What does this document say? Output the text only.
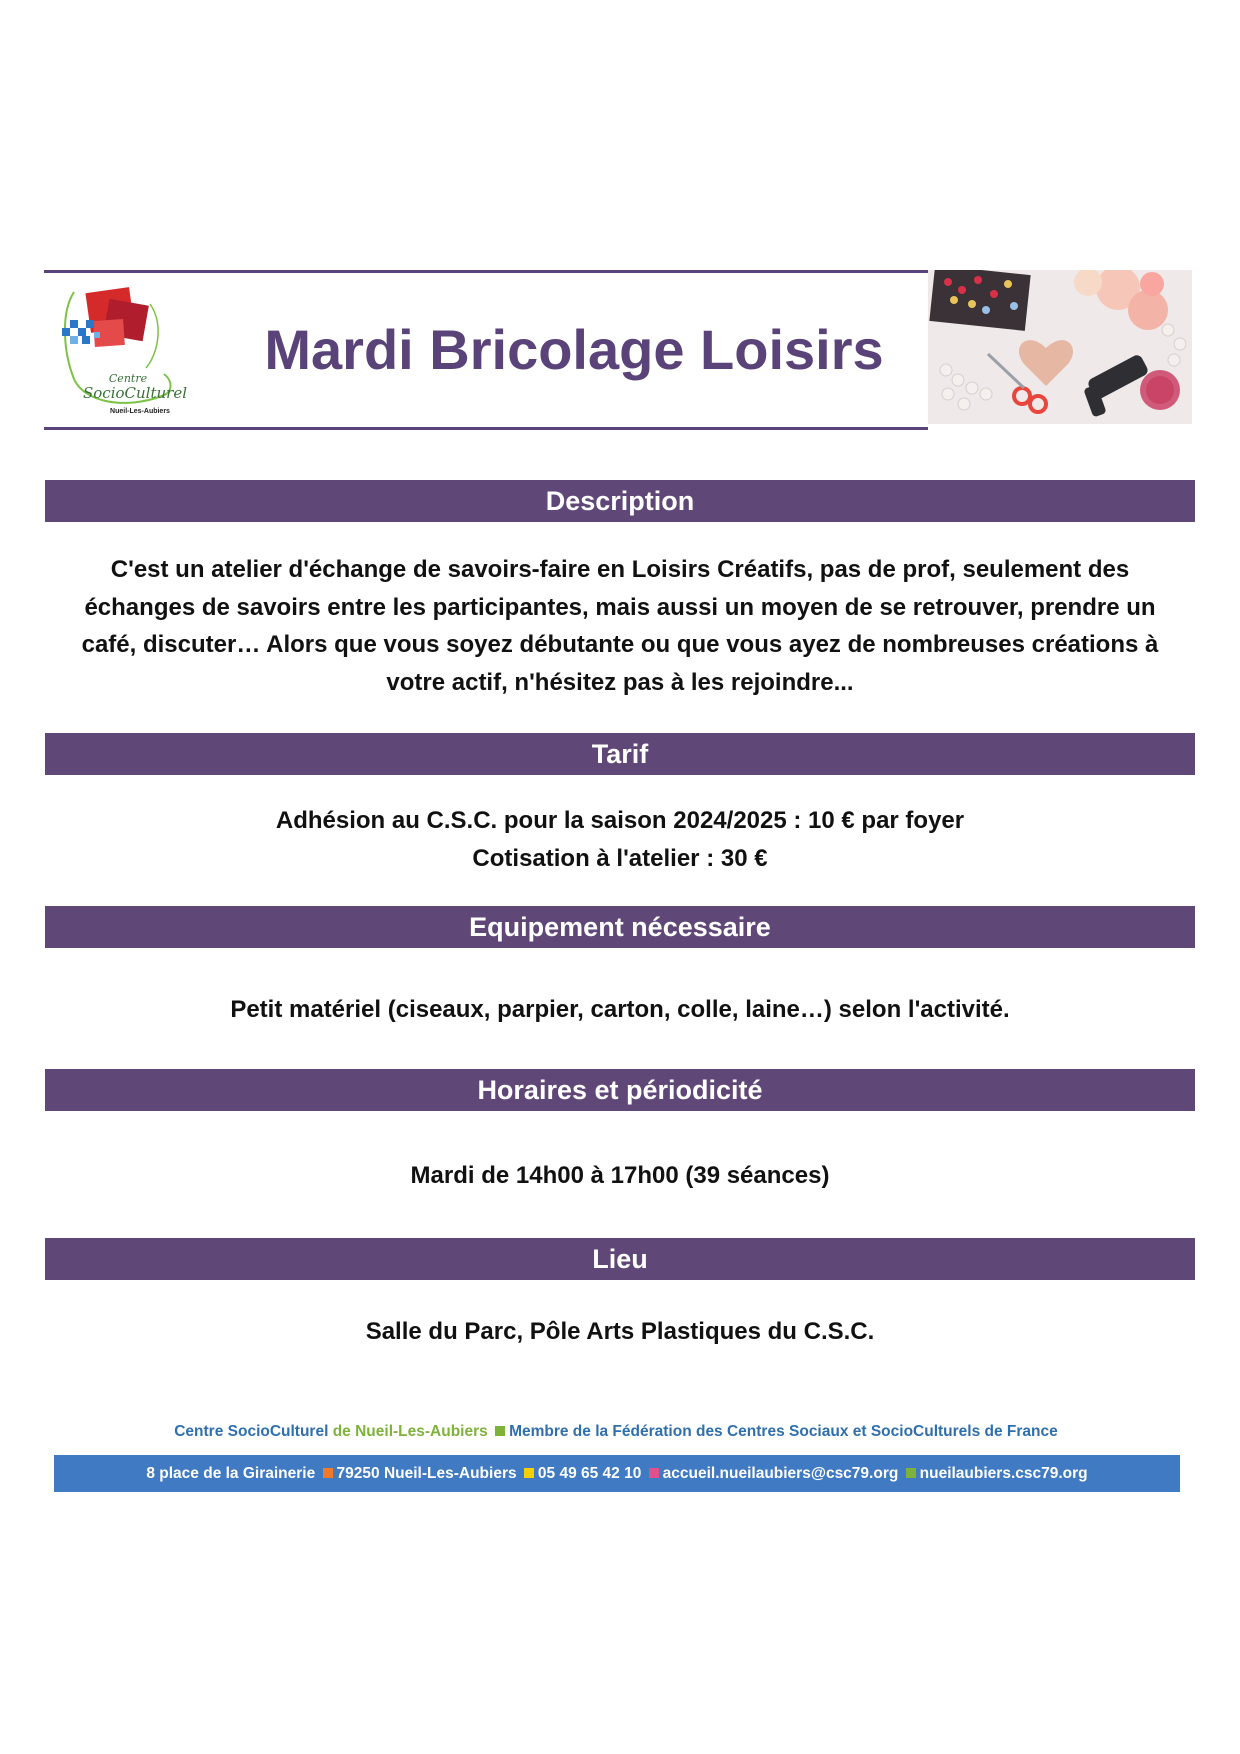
Centre
SocioCulturel
Nueil-Les-Aubiers
Mardi Bricolage Loisirs
Description
C'est un atelier d'échange de savoirs-faire en Loisirs Créatifs, pas de prof, seulement des
échanges de savoirs entre les participantes, mais aussi un moyen de se retrouver, prendre un
café, discuter… Alors que vous soyez débutante ou que vous ayez de nombreuses créations à
votre actif, n'hésitez pas à les rejoindre...
Tarif
Adhésion au C.S.C. pour la saison 2024/2025 : 10 € par foyer
Cotisation à l'atelier : 30 €
Equipement nécessaire
Petit matériel (ciseaux, parpier, carton, colle, laine…) selon l'activité.
Horaires et périodicité
Mardi de 14h00 à 17h00 (39 séances)
Lieu
Salle du Parc, Pôle Arts Plastiques du C.S.C.
Centre SocioCulturel de Nueil-Les-Aubiers Membre de la Fédération des Centres Sociaux et SocioCulturels de France
8 place de la Girainerie 79250 Nueil-Les-Aubiers 05 49 65 42 10 accueil.nueilaubiers@csc79.org nueilaubiers.csc79.org
